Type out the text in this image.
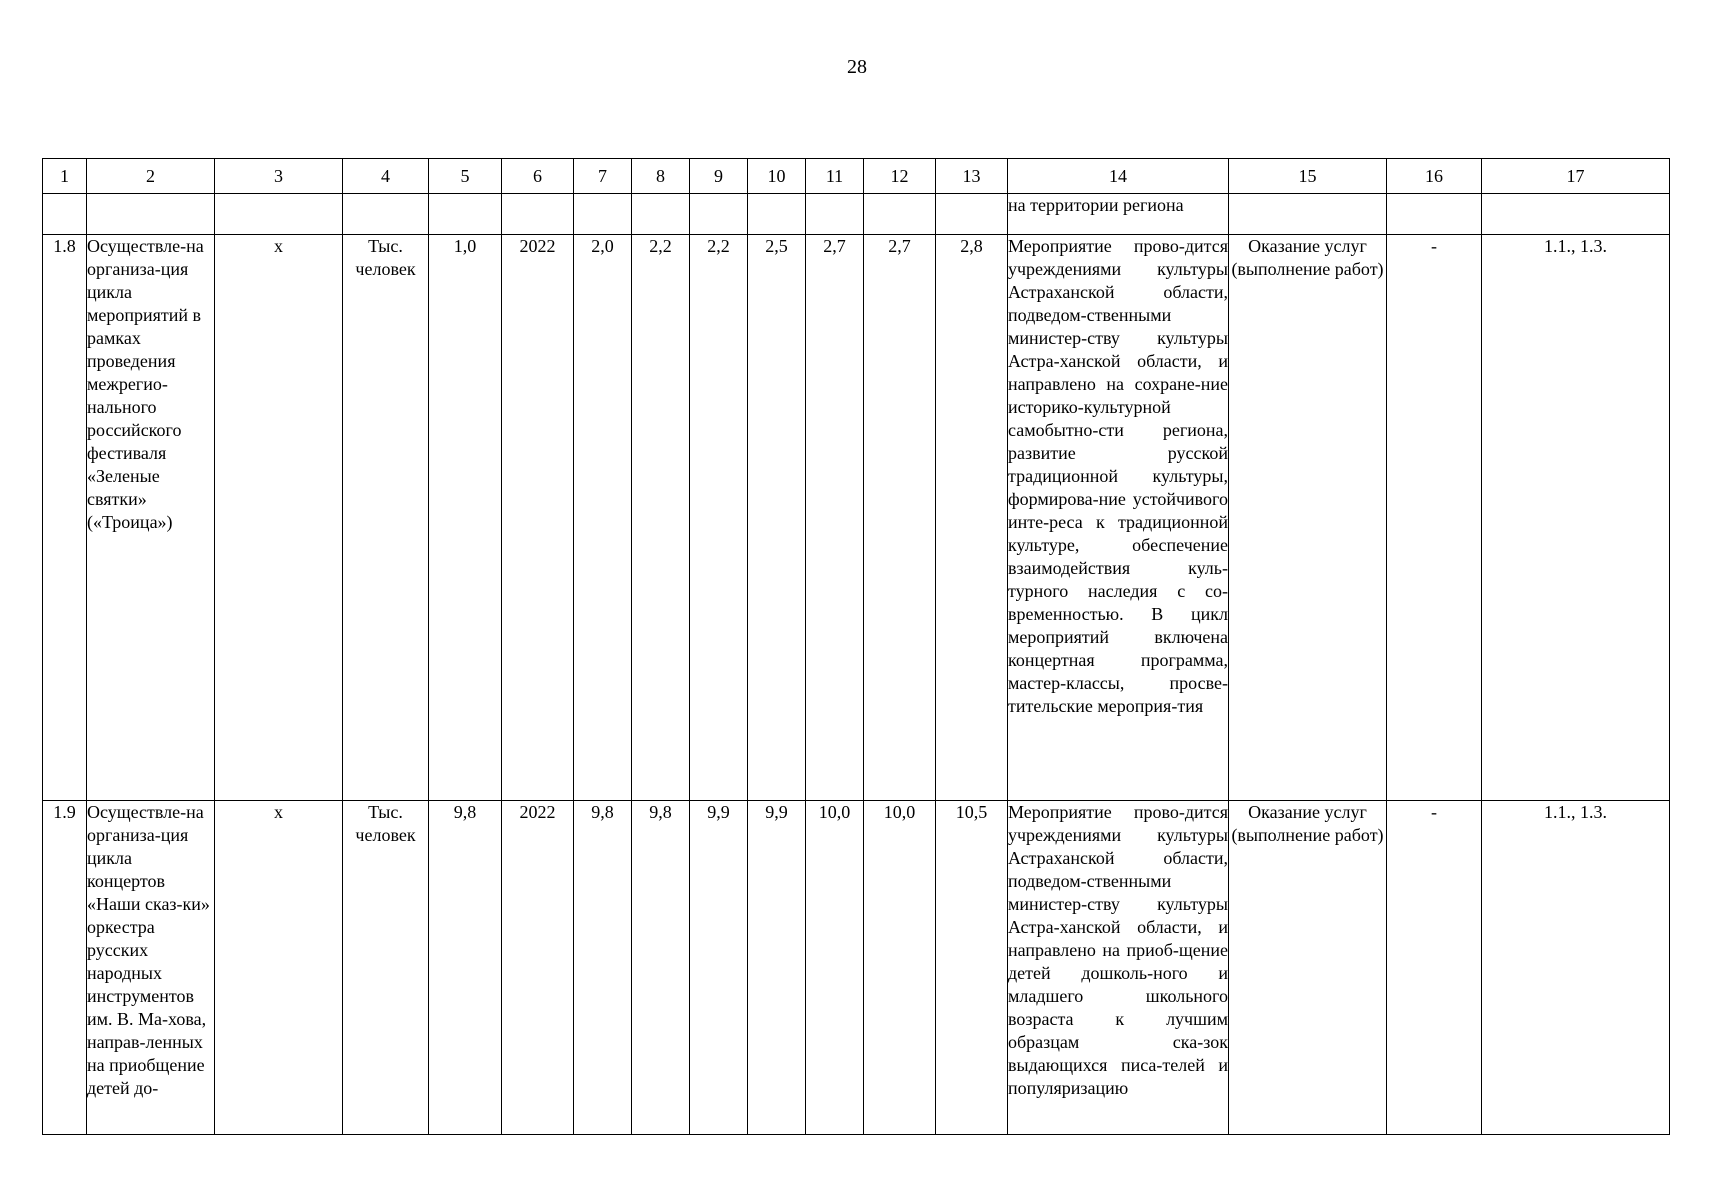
28
1	2	3	4	5	6	7	8	9	10	11	12	13	14	15	16	17
													на территории региона			
1.8	Осуществле-на организа-ция цикла мероприятий в рамках проведения межрегио-нального российского фестиваля «Зеленые святки» («Троица»)	х	Тыс. человек	1,0	2022	2,0	2,2	2,2	2,5	2,7	2,7	2,8	Мероприятие прово-дится учреждениями культуры Астраханской области, подведом-ственными министер-ству культуры Астра-ханской области, и направлено на сохране-ние историко-культурной самобытно-сти региона, развитие русской традиционной культуры, формирова-ние устойчивого инте-реса к традиционной культуре, обеспечение взаимодействия куль-турного наследия с со-временностью. В цикл мероприятий включена концертная программа, мастер-классы, просве-тительские мероприя-тия	Оказание услуг (выполнение работ)	-	1.1., 1.3.
1.9	Осуществле-на организа-ция цикла концертов «Наши сказ-ки» оркестра русских народных инструментов им. В. Ма-хова, направ-ленных на приобщение детей до-	х	Тыс. человек	9,8	2022	9,8	9,8	9,9	9,9	10,0	10,0	10,5	Мероприятие прово-дится учреждениями культуры Астраханской области, подведом-ственными министер-ству культуры Астра-ханской области, и направлено на приоб-щение детей дошколь-ного и младшего школьного возраста к лучшим образцам ска-зок выдающихся писа-телей и популяризацию	Оказание услуг (выполнение работ)	-	1.1., 1.3.
